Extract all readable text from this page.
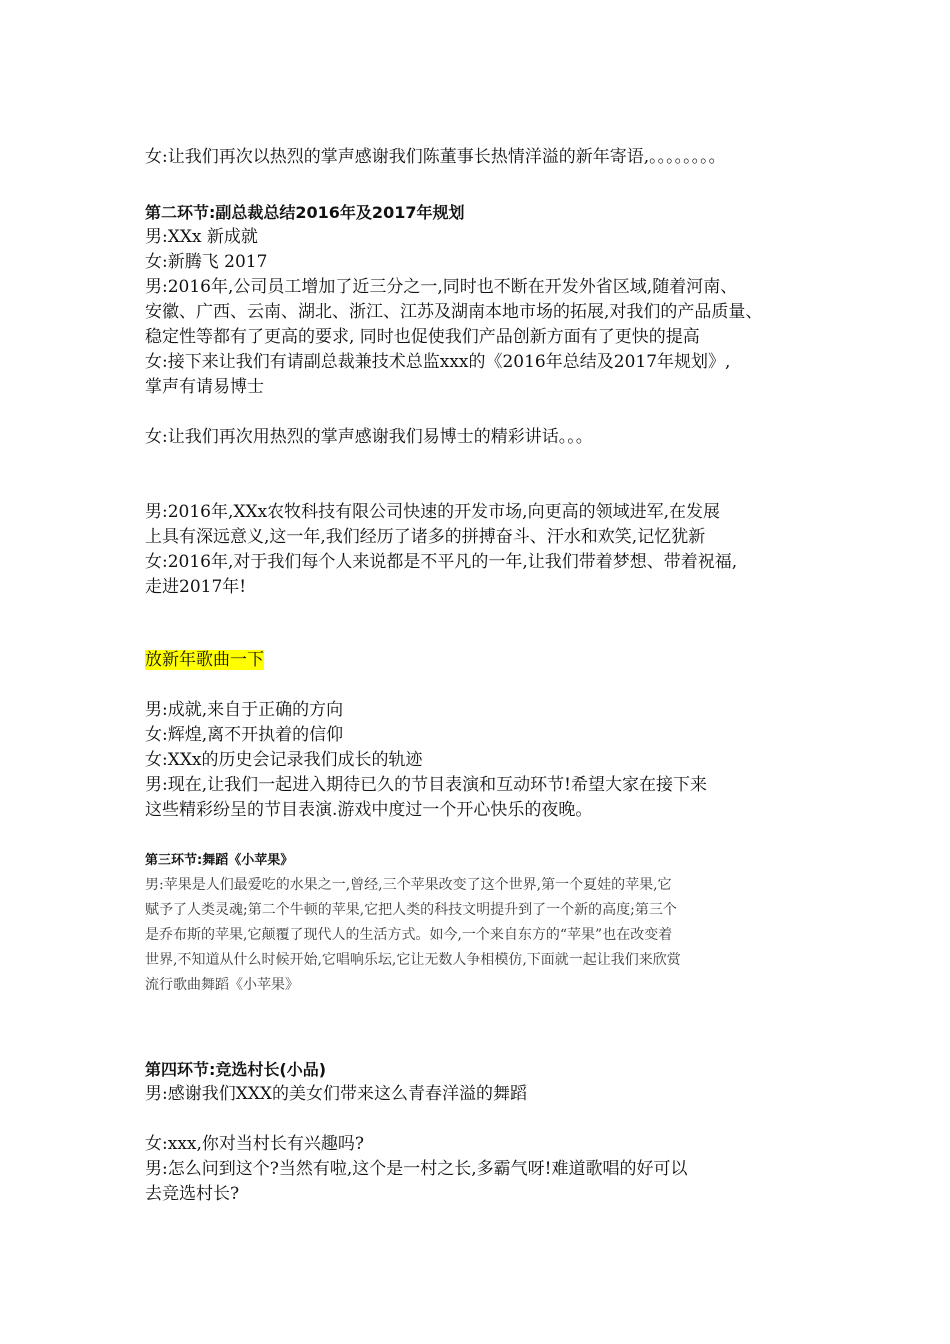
女:让我们再次以热烈的掌声感谢我们陈董事长热情洋溢的新年寄语,。。。。。。。。

第二环节:副总裁总结2016年及2017年规划

男:XXx 新成就

女:新腾飞 2017

男:2016年,公司员工增加了近三分之一,同时也不断在开发外省区域,随着河南、

安徽、广西、云南、湖北、浙江、江苏及湖南本地市场的拓展,对我们的产品质量、

稳定性等都有了更高的要求, 同时也促使我们产品创新方面有了更快的提高

女:接下来让我们有请副总裁兼技术总监xxx的《2016年总结及2017年规划》,

掌声有请易博士

女:让我们再次用热烈的掌声感谢我们易博士的精彩讲话。。。

男:2016年,XXx农牧科技有限公司快速的开发市场,向更高的领域进军,在发展

上具有深远意义,这一年,我们经历了诸多的拼搏奋斗、汗水和欢笑,记忆犹新

女:2016年,对于我们每个人来说都是不平凡的一年,让我们带着梦想、带着祝福,

走进2017年!

放新年歌曲一下

男:成就,来自于正确的方向

女:辉煌,离不开执着的信仰

女:XXx的历史会记录我们成长的轨迹

男:现在,让我们一起进入期待已久的节目表演和互动环节!希望大家在接下来

这些精彩纷呈的节目表演.游戏中度过一个开心快乐的夜晚。

第三环节:舞蹈《小苹果》

男:苹果是人们最爱吃的水果之一,曾经,三个苹果改变了这个世界,第一个夏娃的苹果,它

赋予了人类灵魂;第二个牛顿的苹果,它把人类的科技文明提升到了一个新的高度;第三个

是乔布斯的苹果,它颠覆了现代人的生活方式。如今,一个来自东方的“苹果”也在改变着

世界,不知道从什么时候开始,它唱响乐坛,它让无数人争相模仿,下面就一起让我们来欣赏

流行歌曲舞蹈《小苹果》

第四环节:竞选村长(小品)

男:感谢我们XXX的美女们带来这么青春洋溢的舞蹈

女:xxx,你对当村长有兴趣吗?

男:怎么问到这个?当然有啦,这个是一村之长,多霸气呀!难道歌唱的好可以

去竞选村长?
